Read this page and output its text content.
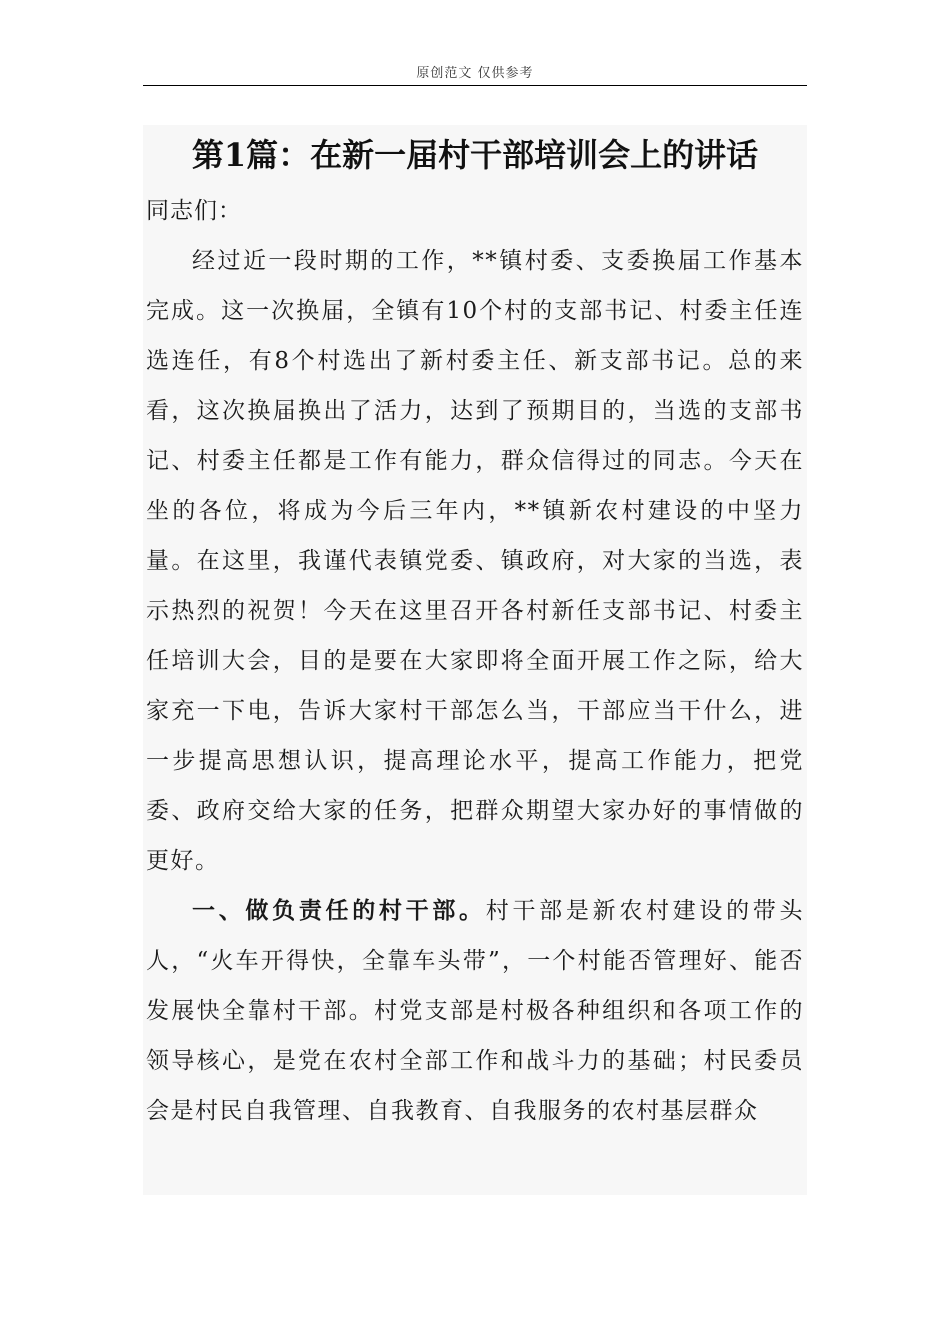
原创范文 仅供参考
第1篇：在新一届村干部培训会上的讲话

同志们：

经过近一段时期的工作，**镇村委、支委换届工作基本完成。这一次换届，全镇有10个村的支部书记、村委主任连选连任，有8个村选出了新村委主任、新支部书记。总的来看，这次换届换出了活力，达到了预期目的，当选的支部书记、村委主任都是工作有能力，群众信得过的同志。今天在坐的各位，将成为今后三年内，**镇新农村建设的中坚力量。在这里，我谨代表镇党委、镇政府，对大家的当选，表示热烈的祝贺！今天在这里召开各村新任支部书记、村委主任培训大会，目的是要在大家即将全面开展工作之际，给大家充一下电，告诉大家村干部怎么当，干部应当干什么，进一步提高思想认识，提高理论水平，提高工作能力，把党委、政府交给大家的任务，把群众期望大家办好的事情做的更好。

一、做负责任的村干部。村干部是新农村建设的带头人，“火车开得快，全靠车头带”，一个村能否管理好、能否发展快全靠村干部。村党支部是村极各种组织和各项工作的领导核心，是党在农村全部工作和战斗力的基础；村民委员会是村民自我管理、自我教育、自我服务的农村基层群众
